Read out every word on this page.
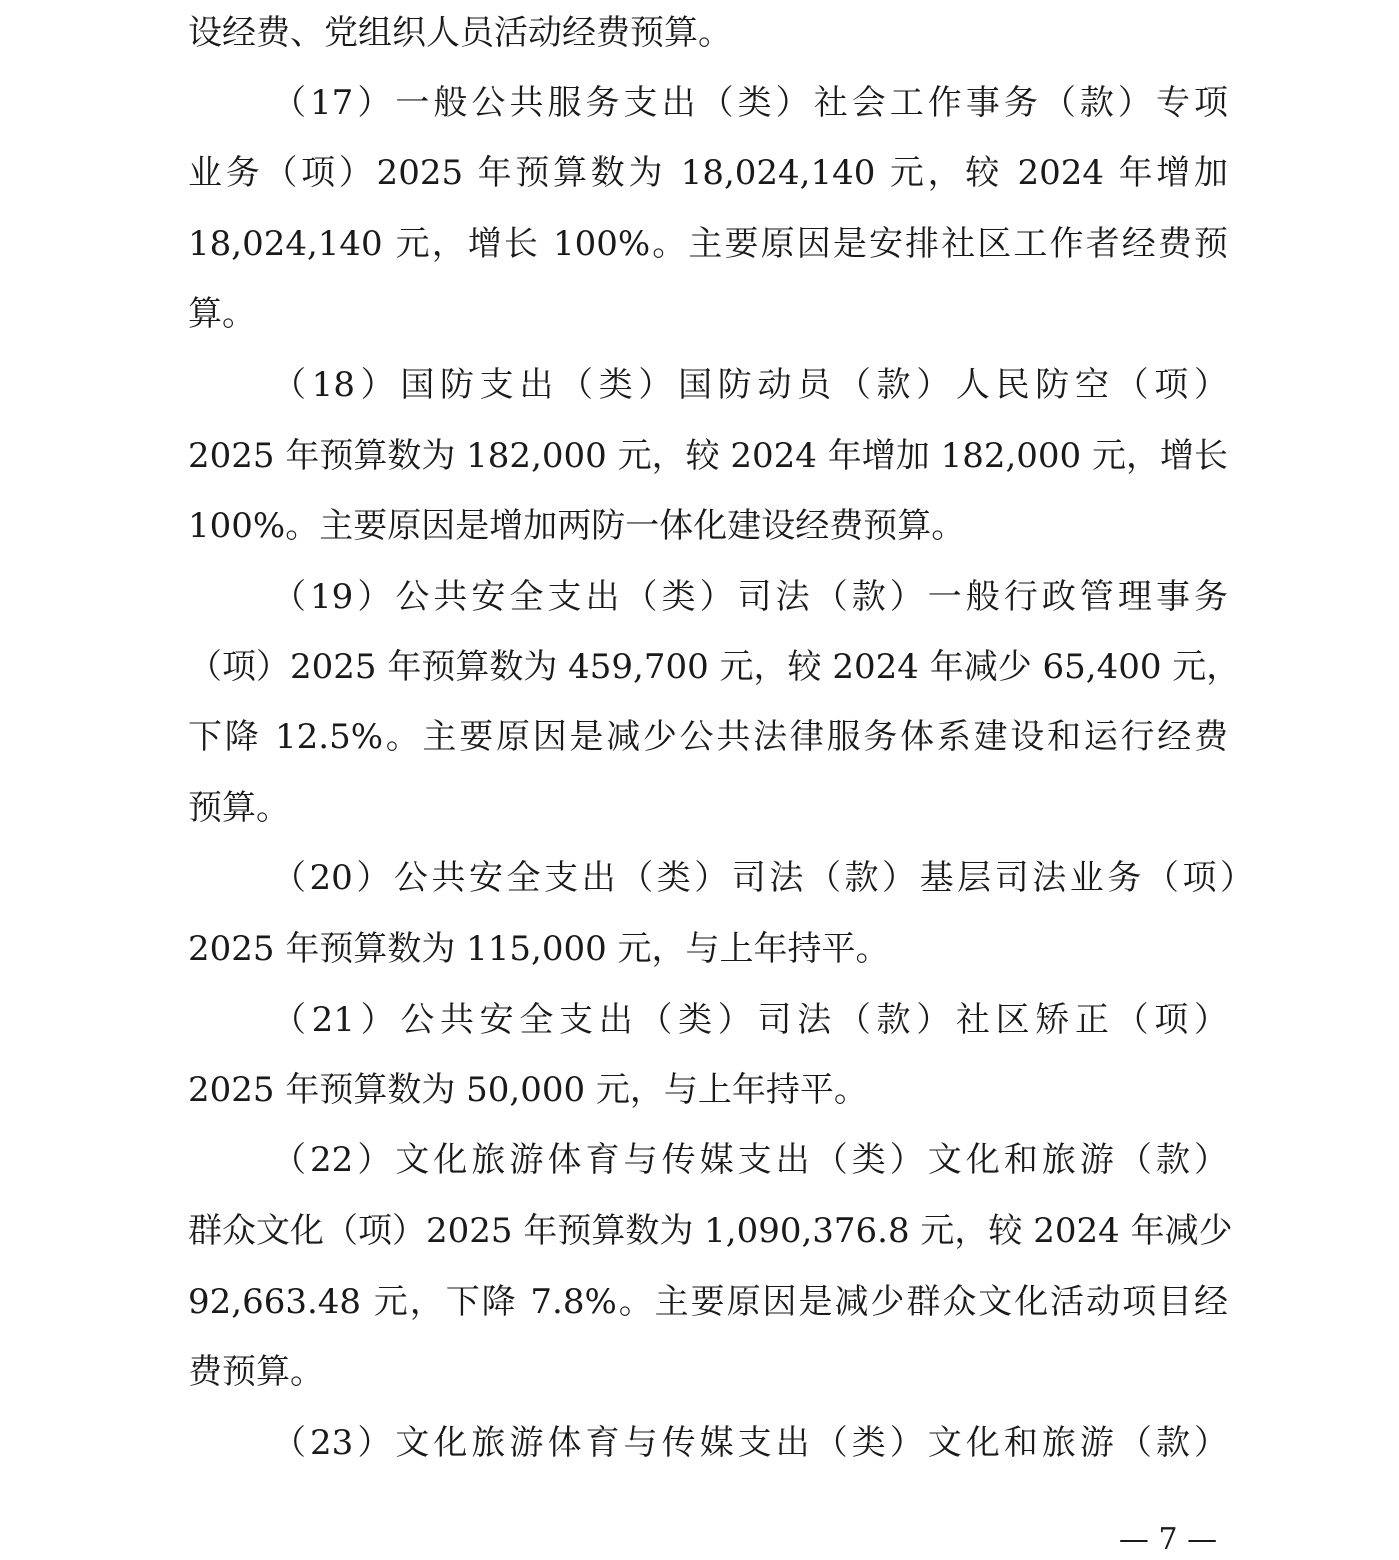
设经费、党组织人员活动经费预算。
（17）一般公共服务支出（类）社会工作事务（款）专项
业务（项）2025 年预算数为 18,024,140 元，较 2024 年增加
18,024,140 元，增长 100%。主要原因是安排社区工作者经费预
算。
（18）国防支出（类）国防动员（款）人民防空（项）
2025 年预算数为 182,000 元，较 2024 年增加 182,000 元，增长
100%。主要原因是增加两防一体化建设经费预算。
（19）公共安全支出（类）司法（款）一般行政管理事务
（项）2025 年预算数为 459,700 元，较 2024 年减少 65,400 元，
下降 12.5%。主要原因是减少公共法律服务体系建设和运行经费
预算。
（20）公共安全支出（类）司法（款）基层司法业务（项）
2025 年预算数为 115,000 元，与上年持平。
（21）公共安全支出（类）司法（款）社区矫正（项）
2025 年预算数为 50,000 元，与上年持平。
（22）文化旅游体育与传媒支出（类）文化和旅游（款）
群众文化（项）2025 年预算数为 1,090,376.8 元，较 2024 年减少
92,663.48 元，下降 7.8%。主要原因是减少群众文化活动项目经
费预算。
（23）文化旅游体育与传媒支出（类）文化和旅游（款）
— 7 —
